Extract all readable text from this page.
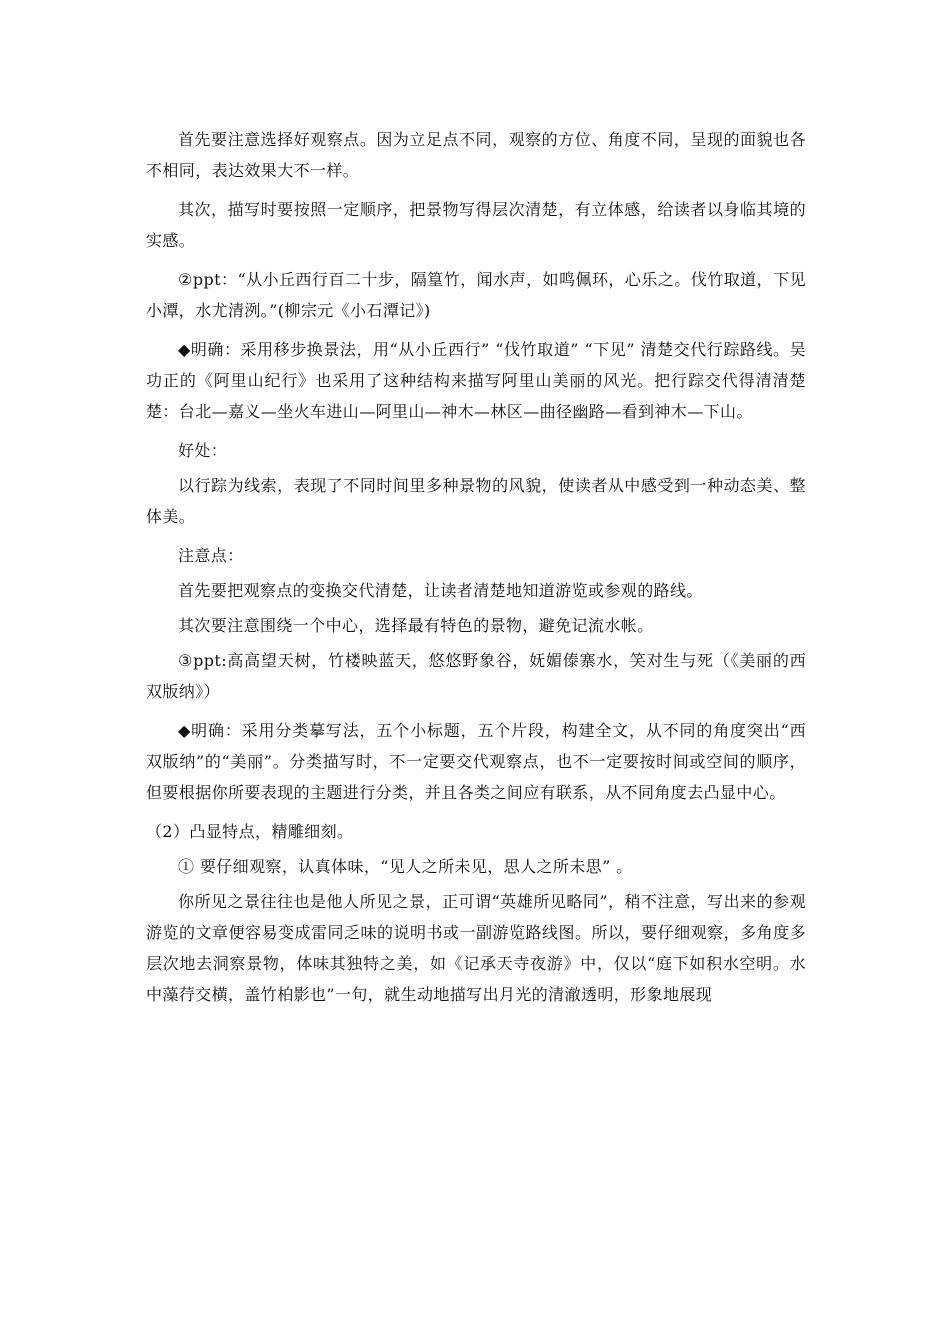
首先要注意选择好观察点。因为立足点不同，观察的方位、角度不同，呈现的面貌也各不相同，表达效果大不一样。

其次，描写时要按照一定顺序，把景物写得层次清楚，有立体感，给读者以身临其境的实感。

②ppt：“从小丘西行百二十步，隔篁竹，闻水声，如鸣佩环，心乐之。伐竹取道，下见小潭，水尤清洌。”(柳宗元《小石潭记》)

◆明确：采用移步换景法，用“从小丘西行” “伐竹取道” “下见” 清楚交代行踪路线。吴功正的《阿里山纪行》也采用了这种结构来描写阿里山美丽的风光。把行踪交代得清清楚楚：台北—嘉义—坐火车进山—阿里山—神木—林区—曲径幽路—看到神木—下山。

好处：

以行踪为线索，表现了不同时间里多种景物的风貌，使读者从中感受到一种动态美、整体美。

注意点：

首先要把观察点的变换交代清楚，让读者清楚地知道游览或参观的路线。

其次要注意围绕一个中心，选择最有特色的景物，避免记流水帐。

③ppt:高高望天树，竹楼映蓝天，悠悠野象谷，妩媚傣寨水，笑对生与死（《美丽的西双版纳》）

◆明确：采用分类摹写法，五个小标题，五个片段，构建全文，从不同的角度突出“西双版纳”的“美丽”。分类描写时，不一定要交代观察点，也不一定要按时间或空间的顺序，但要根据你所要表现的主题进行分类，并且各类之间应有联系，从不同角度去凸显中心。

（2）凸显特点，精雕细刻。

① 要仔细观察，认真体味，“见人之所未见，思人之所未思” 。

你所见之景往往也是他人所见之景，正可谓“英雄所见略同”，稍不注意，写出来的参观游览的文章便容易变成雷同乏味的说明书或一副游览路线图。所以，要仔细观察，多角度多层次地去洞察景物，体味其独特之美，如《记承天寺夜游》中，仅以“庭下如积水空明。水中藻荇交横，盖竹柏影也”一句，就生动地描写出月光的清澈透明，形象地展现
